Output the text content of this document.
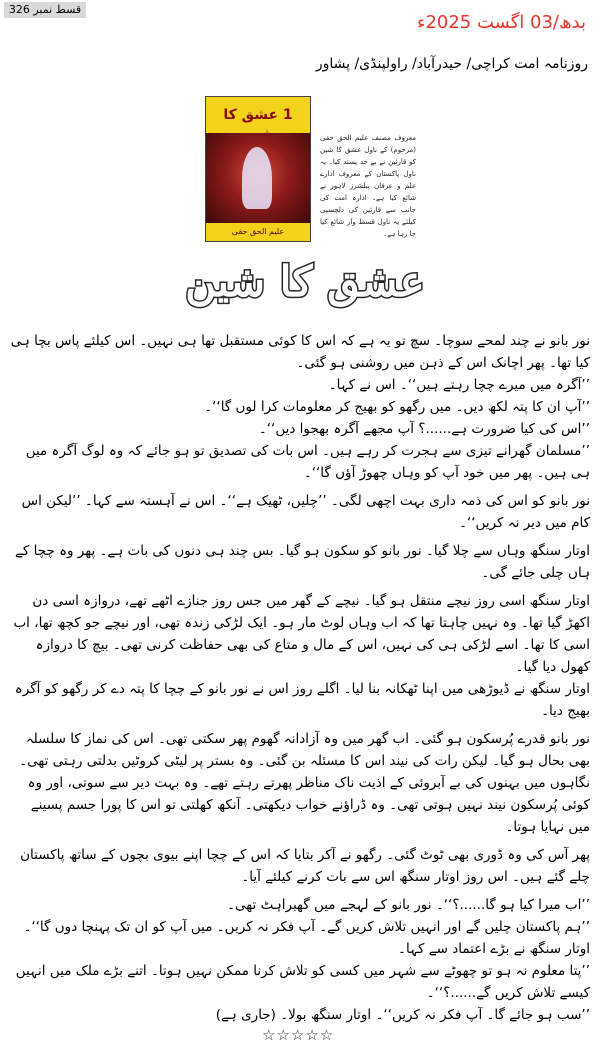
قسط نمبر 326
بدھ/03 اگست 2025ء
روزنامہ امت کراچی/ حیدرآباد/ راولپنڈی/ پشاور
1 عشق کا
علیم الحق حقی
معروف مصنف علیم الحق حقی (مرحوم) کے ناول عشق کا شین کو قارئین نے بے حد پسند کیا۔ یہ ناول پاکستان کے معروف ادارے علم و عرفان پبلشرز لاہور نے شائع کیا ہے۔ ادارہ امت کی جانب سے قارئین کی دلچسپی کیلئے یہ ناول قسط وار شائع کیا جا رہا ہے۔
عشق کا شین

نور بانو نے چند لمحے سوچا۔ سچ تو یہ ہے کہ اس کا کوئی مستقبل تھا ہی نہیں۔ اس کیلئے پاس بچا ہی کیا تھا۔ پھر اچانک اس کے ذہن میں روشنی ہو گئی۔

’’آگرہ میں میرے چچا رہتے ہیں‘‘۔ اس نے کہا۔

’’آپ ان کا پتہ لکھ دیں۔ میں رگھو کو بھیج کر معلومات کرا لوں گا‘‘۔

’’اس کی کیا ضرورت ہے......؟ آپ مجھے آگرہ بھجوا دیں‘‘۔

’’مسلمان گھرانے تیزی سے ہجرت کر رہے ہیں۔ اس بات کی تصدیق تو ہو جائے کہ وہ لوگ آگرہ میں ہی ہیں۔ پھر میں خود آپ کو وہاں چھوڑ آؤں گا‘‘۔

نور بانو کو اس کی ذمہ داری بہت اچھی لگی۔ ’’چلیں، ٹھیک ہے‘‘۔ اس نے آہستہ سے کہا۔ ’’لیکن اس کام میں دیر نہ کریں‘‘۔

اوتار سنگھ وہاں سے چلا گیا۔ نور بانو کو سکون ہو گیا۔ بس چند ہی دنوں کی بات ہے۔ پھر وہ چچا کے ہاں چلی جائے گی۔

اوتار سنگھ اسی روز نیچے منتقل ہو گیا۔ نیچے کے گھر میں جس روز جنازے اٹھے تھے، دروازہ اسی دن اکھڑ گیا تھا۔ وہ نہیں چاہتا تھا کہ اب وہاں لوٹ مار ہو۔ ایک لڑکی زندہ تھی، اور نیچے جو کچھ تھا، اب اسی کا تھا۔ اسے لڑکی ہی کی نہیں، اس کے مال و متاع کی بھی حفاظت کرنی تھی۔ بیچ کا دروازہ کھول دیا گیا۔

اوتار سنگھ نے ڈیوڑھی میں اپنا ٹھکانہ بنا لیا۔ اگلے روز اس نے نور بانو کے چچا کا پتہ دے کر رگھو کو آگرہ بھیج دیا۔

نور بانو قدرے پُرسکون ہو گئی۔ اب گھر میں وہ آزادانہ گھوم پھر سکتی تھی۔ اس کی نماز کا سلسلہ بھی بحال ہو گیا۔ لیکن رات کی نیند اس کا مسئلہ بن گئی۔ وہ بستر پر لیٹی کروٹیں بدلتی رہتی تھی۔ نگاہوں میں بہنوں کی بے آبروئی کے اذیت ناک مناظر پھرتے رہتے تھے۔ وہ بہت دیر سے سوتی، اور وہ کوئی پُرسکون نیند نہیں ہوتی تھی۔ وہ ڈراؤنے خواب دیکھتی۔ آنکھ کھلتی تو اس کا پورا جسم پسینے میں نہایا ہوتا۔

پھر آس کی وہ ڈوری بھی ٹوٹ گئی۔ رگھو نے آکر بتایا کہ اس کے چچا اپنے بیوی بچوں کے ساتھ پاکستان چلے گئے ہیں۔ اس روز اوتار سنگھ اس سے بات کرنے کیلئے آیا۔

’’اب میرا کیا ہو گا......؟‘‘۔ نور بانو کے لہجے میں گھبراہٹ تھی۔

’’ہم پاکستان چلیں گے اور انہیں تلاش کریں گے۔ آپ فکر نہ کریں۔ میں آپ کو ان تک پہنچا دوں گا‘‘۔ اوتار سنگھ نے بڑے اعتماد سے کہا۔

’’پتا معلوم نہ ہو تو چھوٹے سے شہر میں کسی کو تلاش کرنا ممکن نہیں ہوتا۔ اتنے بڑے ملک میں انہیں کیسے تلاش کریں گے......؟‘‘۔

’’سب ہو جائے گا۔ آپ فکر نہ کریں‘‘۔ اوتار سنگھ بولا۔ (جاری ہے)

☆☆☆☆☆
